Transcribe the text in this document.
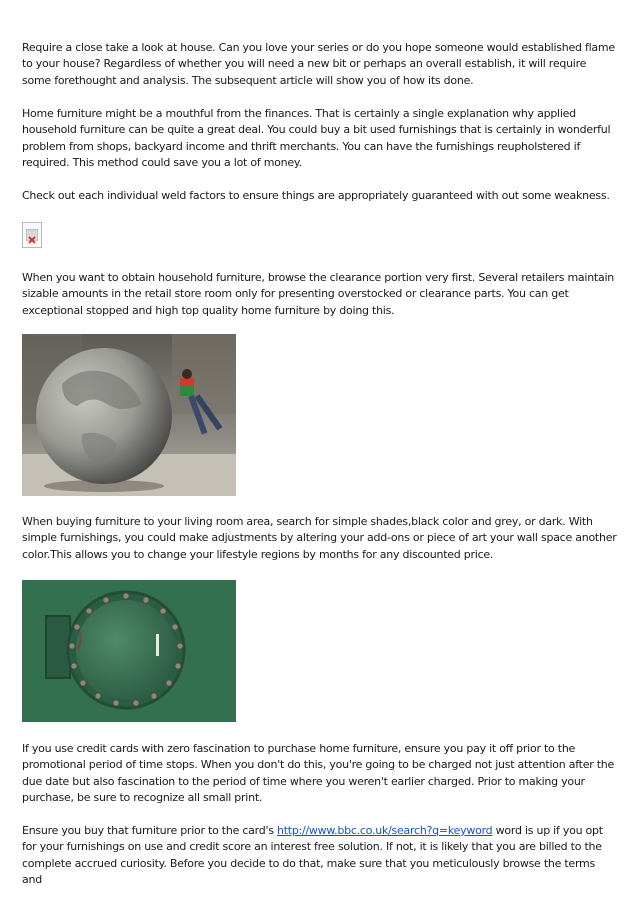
Require a close take a look at house. Can you love your series or do you hope someone would established flame to your house? Regardless of whether you will need a new bit or perhaps an overall establish, it will require some forethought and analysis. The subsequent article will show you of how its done.

Home furniture might be a mouthful from the finances. That is certainly a single explanation why applied household furniture can be quite a great deal. You could buy a bit used furnishings that is certainly in wonderful problem from shops, backyard income and thrift merchants. You can have the furnishings reupholstered if required. This method could save you a lot of money.

Check out each individual weld factors to ensure things are appropriately guaranteed with out some weakness.

When you want to obtain household furniture, browse the clearance portion very first. Several retailers maintain sizable amounts in the retail store room only for presenting overstocked or clearance parts. You can get exceptional stopped and high top quality home furniture by doing this.

When buying furniture to your living room area, search for simple shades,black color and grey, or dark. With simple furnishings, you could make adjustments by altering your add-ons or piece of art your wall space another color.This allows you to change your lifestyle regions by months for any discounted price.

If you use credit cards with zero fascination to purchase home furniture, ensure you pay it off prior to the promotional period of time stops. When you don't do this, you're going to be charged not just attention after the due date but also fascination to the period of time where you weren't earlier charged. Prior to making your purchase, be sure to recognize all small print.

Ensure you buy that furniture prior to the card's http://www.bbc.co.uk/search?q=keyword word is up if you opt for your furnishings on use and credit score an interest free solution. If not, it is likely that you are billed to the complete accrued curiosity. Before you decide to do that, make sure that you meticulously browse the terms and
